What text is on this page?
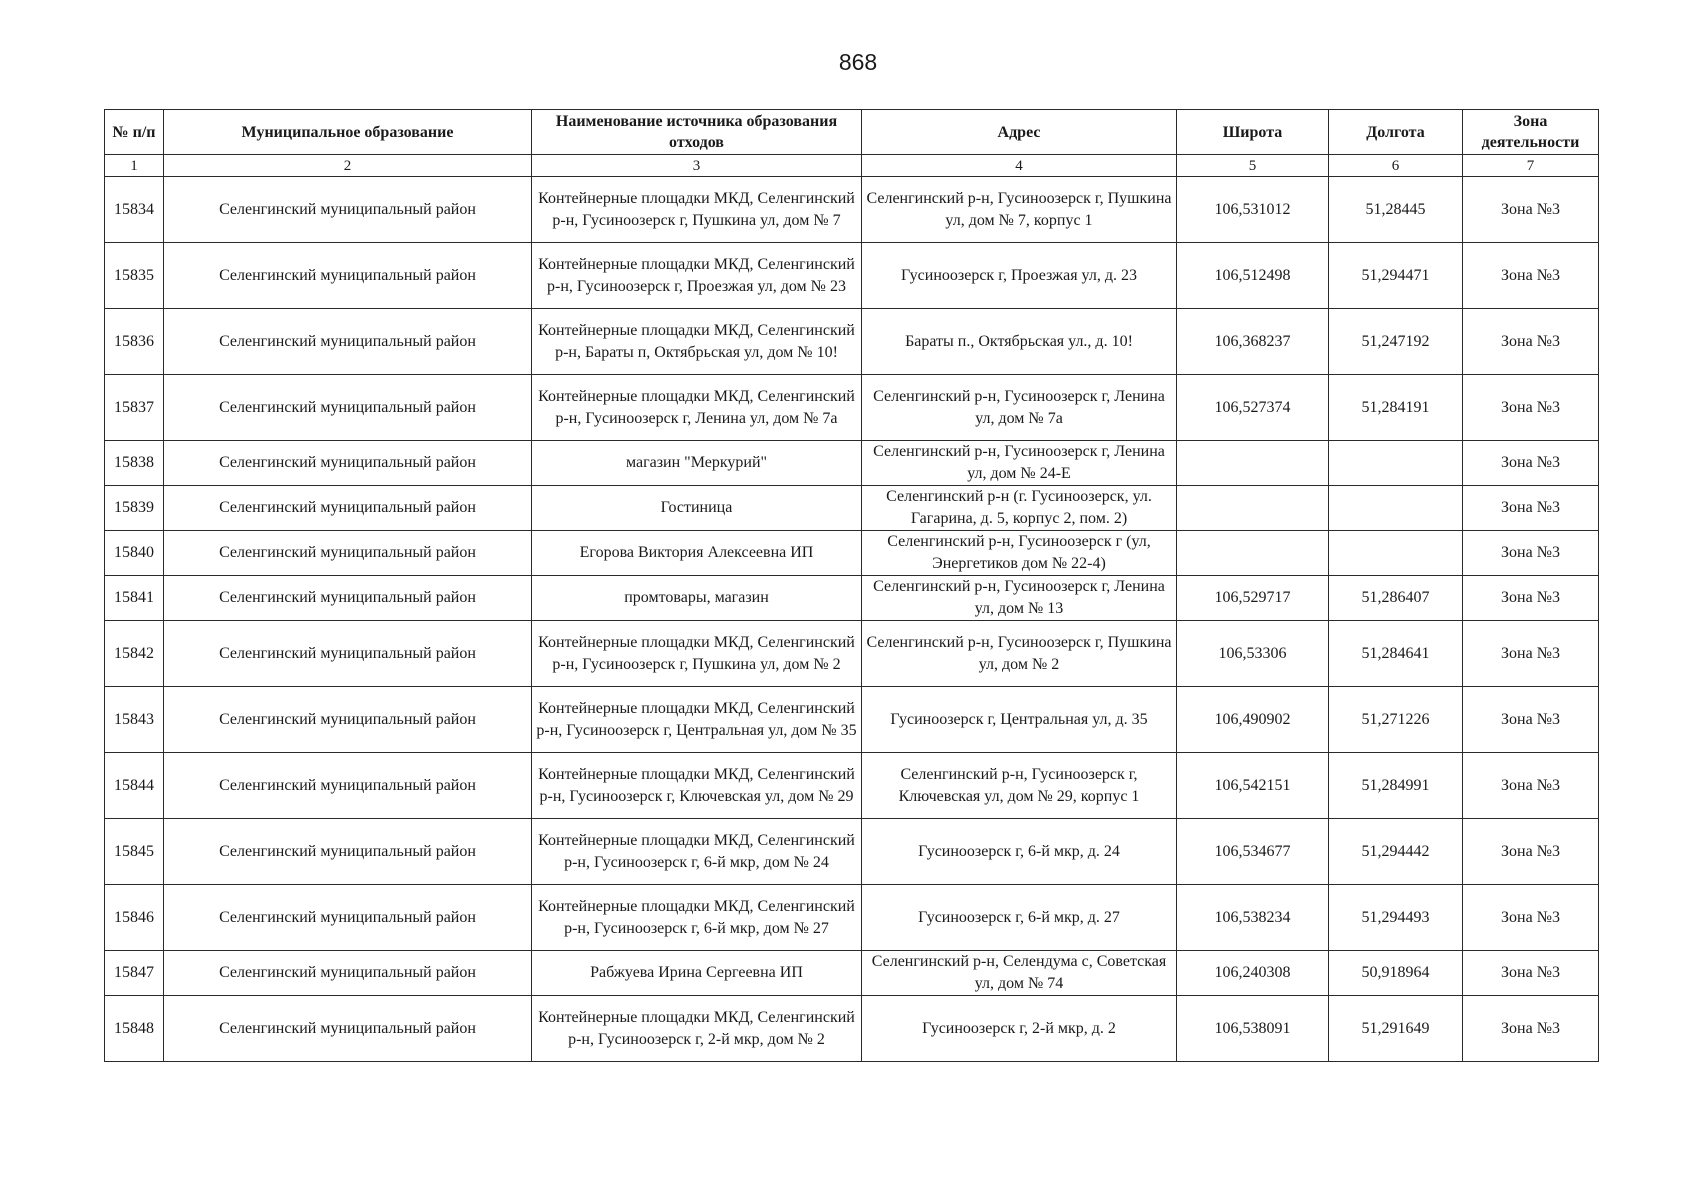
868
№ п/п	Муниципальное образование	Наименование источника образования отходов	Адрес	Широта	Долгота	Зона деятельности
1	2	3	4	5	6	7
15834	Селенгинский муниципальный район	Контейнерные площадки МКД, Селенгинский р-н, Гусиноозерск г, Пушкина ул, дом № 7	Селенгинский р-н, Гусиноозерск г, Пушкина ул, дом № 7, корпус 1	106,531012	51,28445	Зона №3
15835	Селенгинский муниципальный район	Контейнерные площадки МКД, Селенгинский р-н, Гусиноозерск г, Проезжая ул, дом № 23	Гусиноозерск г, Проезжая ул, д. 23	106,512498	51,294471	Зона №3
15836	Селенгинский муниципальный район	Контейнерные площадки МКД, Селенгинский р-н, Бараты п, Октябрьская ул, дом № 10!	Бараты п., Октябрьская ул., д. 10!	106,368237	51,247192	Зона №3
15837	Селенгинский муниципальный район	Контейнерные площадки МКД, Селенгинский р-н, Гусиноозерск г, Ленина ул, дом № 7а	Селенгинский р-н, Гусиноозерск г, Ленина ул, дом № 7а	106,527374	51,284191	Зона №3
15838	Селенгинский муниципальный район	магазин "Меркурий"	Селенгинский р-н, Гусиноозерск г, Ленина ул, дом № 24-Е			Зона №3
15839	Селенгинский муниципальный район	Гостиница	Селенгинский р-н (г. Гусиноозерск, ул. Гагарина, д. 5, корпус 2, пом. 2)			Зона №3
15840	Селенгинский муниципальный район	Егорова Виктория Алексеевна ИП	Селенгинский р-н, Гусиноозерск г (ул, Энергетиков дом № 22-4)			Зона №3
15841	Селенгинский муниципальный район	промтовары, магазин	Селенгинский р-н, Гусиноозерск г, Ленина ул, дом № 13	106,529717	51,286407	Зона №3
15842	Селенгинский муниципальный район	Контейнерные площадки МКД, Селенгинский р-н, Гусиноозерск г, Пушкина ул, дом № 2	Селенгинский р-н, Гусиноозерск г, Пушкина ул, дом № 2	106,53306	51,284641	Зона №3
15843	Селенгинский муниципальный район	Контейнерные площадки МКД, Селенгинский р-н, Гусиноозерск г, Центральная ул, дом № 35	Гусиноозерск г, Центральная ул, д. 35	106,490902	51,271226	Зона №3
15844	Селенгинский муниципальный район	Контейнерные площадки МКД, Селенгинский р-н, Гусиноозерск г, Ключевская ул, дом № 29	Селенгинский р-н, Гусиноозерск г, Ключевская ул, дом № 29, корпус 1	106,542151	51,284991	Зона №3
15845	Селенгинский муниципальный район	Контейнерные площадки МКД, Селенгинский р-н, Гусиноозерск г, 6-й мкр, дом № 24	Гусиноозерск г, 6-й мкр, д. 24	106,534677	51,294442	Зона №3
15846	Селенгинский муниципальный район	Контейнерные площадки МКД, Селенгинский р-н, Гусиноозерск г, 6-й мкр, дом № 27	Гусиноозерск г, 6-й мкр, д. 27	106,538234	51,294493	Зона №3
15847	Селенгинский муниципальный район	Рабжуева Ирина Сергеевна ИП	Селенгинский р-н, Селендума с, Советская ул, дом № 74	106,240308	50,918964	Зона №3
15848	Селенгинский муниципальный район	Контейнерные площадки МКД, Селенгинский р-н, Гусиноозерск г, 2-й мкр, дом № 2	Гусиноозерск г, 2-й мкр, д. 2	106,538091	51,291649	Зона №3
